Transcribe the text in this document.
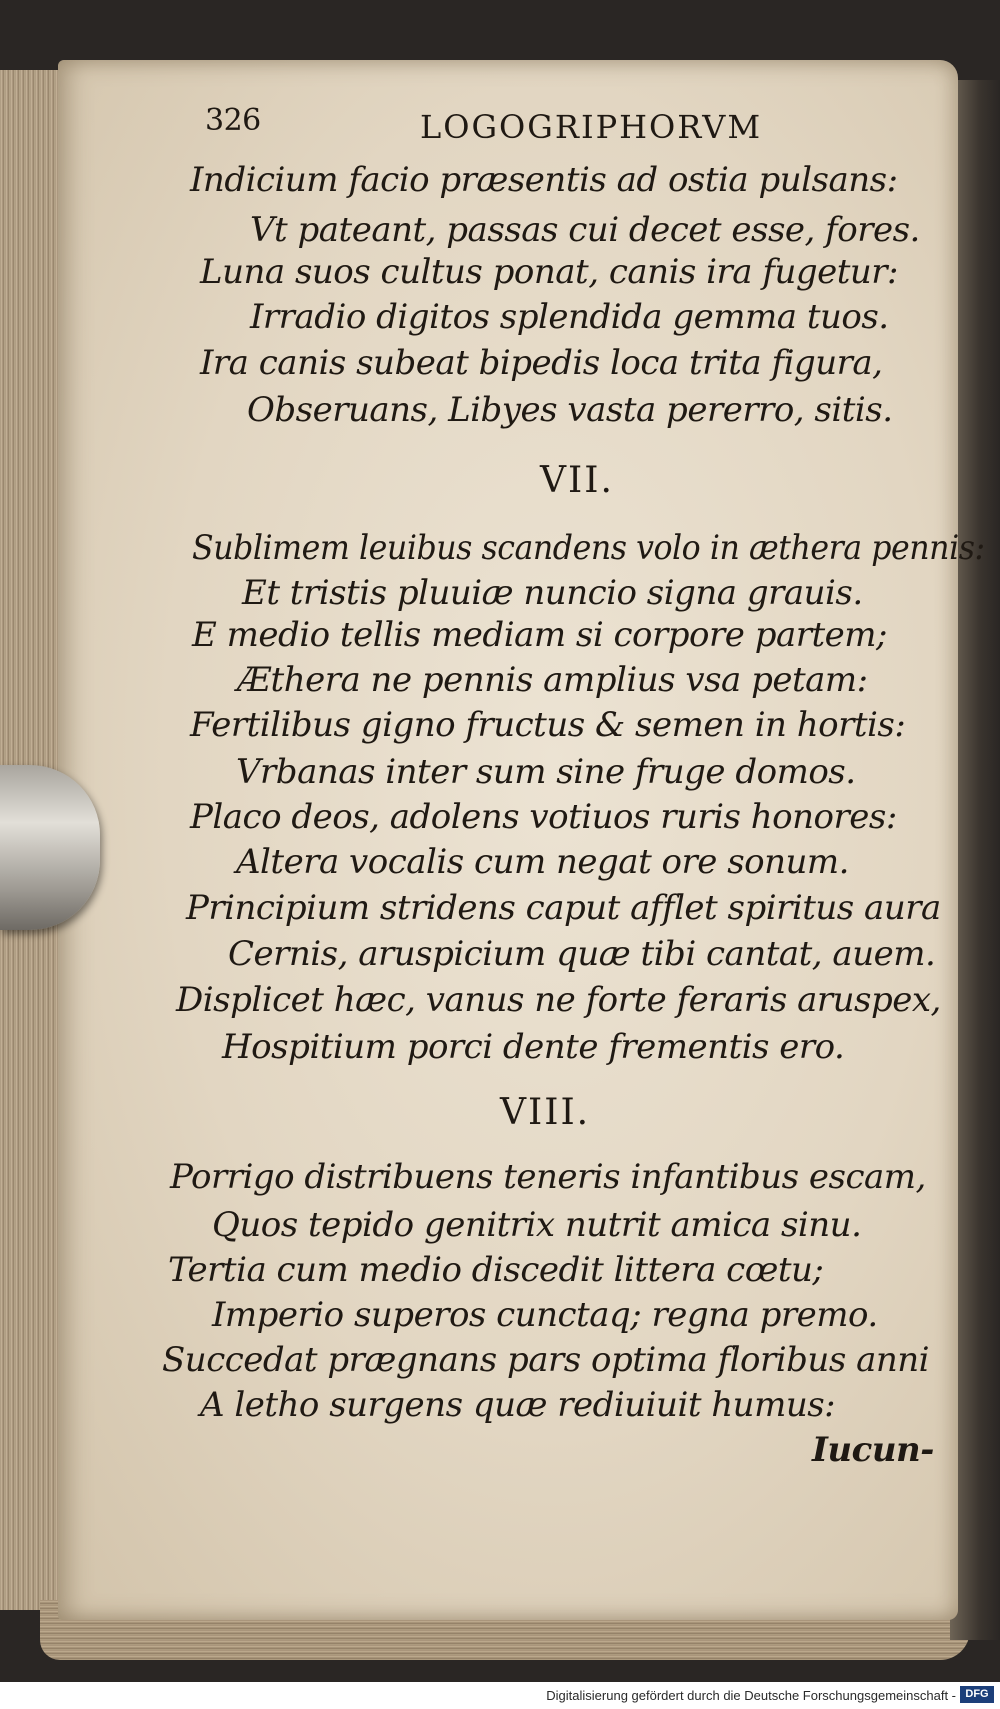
326	LOGOGRIPHORVM
Indicium facio præsentis ad ostia pulsans:
Vt pateant, passas cui decet esse, fores.
Luna suos cultus ponat, canis ira fugetur:
Irradio digitos splendida gemma tuos.
Ira canis subeat bipedis loca trita figura,
Obseruans, Libyes vasta pererro, sitis.
VII.
Sublimem leuibus scandens volo in æthera pennis:
Et tristis pluuiæ nuncio signa grauis.
E medio tellis mediam si corpore partem;
Æthera ne pennis amplius vsa petam:
Fertilibus gigno fructus & semen in hortis:
Vrbanas inter sum sine fruge domos.
Placo deos, adolens votiuos ruris honores:
Altera vocalis cum negat ore sonum.
Principium stridens caput afflet spiritus aura
Cernis, aruspicium quæ tibi cantat, auem.
Displicet hæc, vanus ne forte feraris aruspex,
Hospitium porci dente frementis ero.
VIII.
Porrigo distribuens teneris infantibus escam,
Quos tepido genitrix nutrit amica sinu.
Tertia cum medio discedit littera cœtu;
Imperio superos cunctaq; regna premo.
Succedat prægnans pars optima floribus anni
A letho surgens quæ rediuiuit humus:
Iucun-
Digitalisierung gefördert durch die Deutsche Forschungsgemeinschaft - DFG
